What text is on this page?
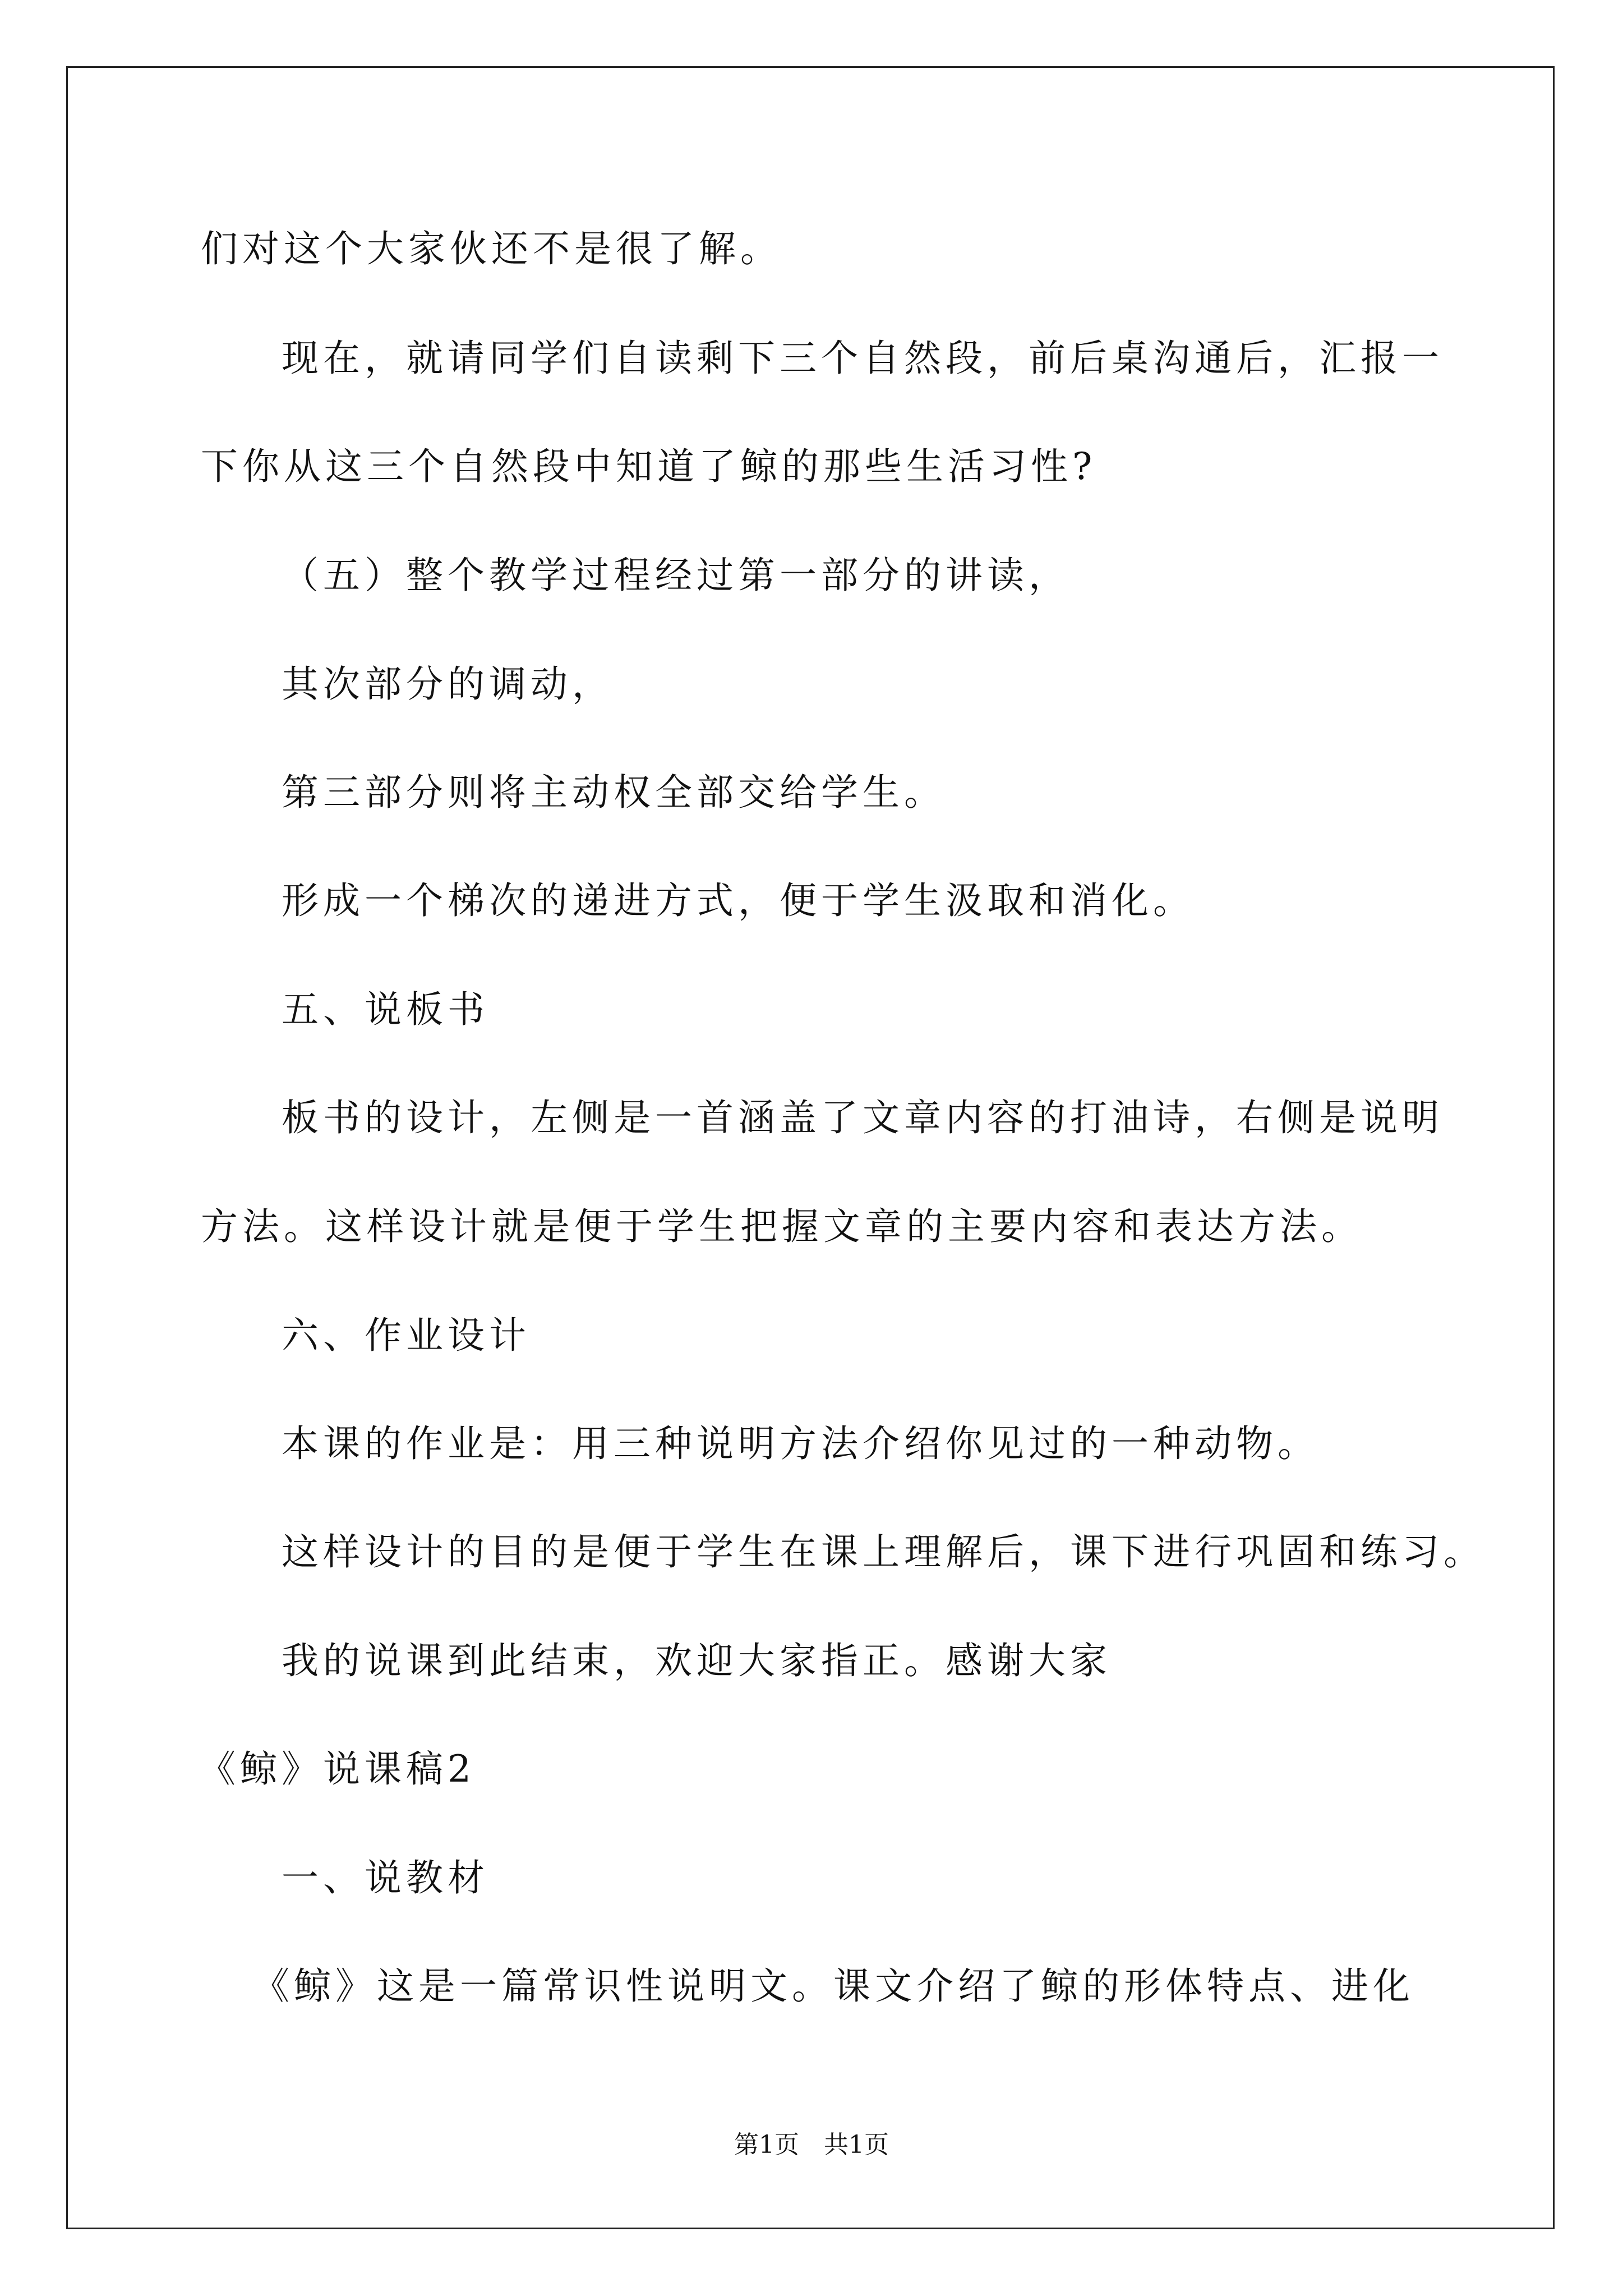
们对这个大家伙还不是很了解。
现在，就请同学们自读剩下三个自然段，前后桌沟通后，汇报一
下你从这三个自然段中知道了鲸的那些生活习性?
（五）整个教学过程经过第一部分的讲读，
其次部分的调动，
第三部分则将主动权全部交给学生。
形成一个梯次的递进方式，便于学生汲取和消化。
五、说板书
板书的设计，左侧是一首涵盖了文章内容的打油诗，右侧是说明
方法。这样设计就是便于学生把握文章的主要内容和表达方法。
六、作业设计
本课的作业是：用三种说明方法介绍你见过的一种动物。
这样设计的目的是便于学生在课上理解后，课下进行巩固和练习。
我的说课到此结束，欢迎大家指正。感谢大家
《鲸》说课稿2
一、说教材
《鲸》这是一篇常识性说明文。课文介绍了鲸的形体特点、进化
第1页　共1页
